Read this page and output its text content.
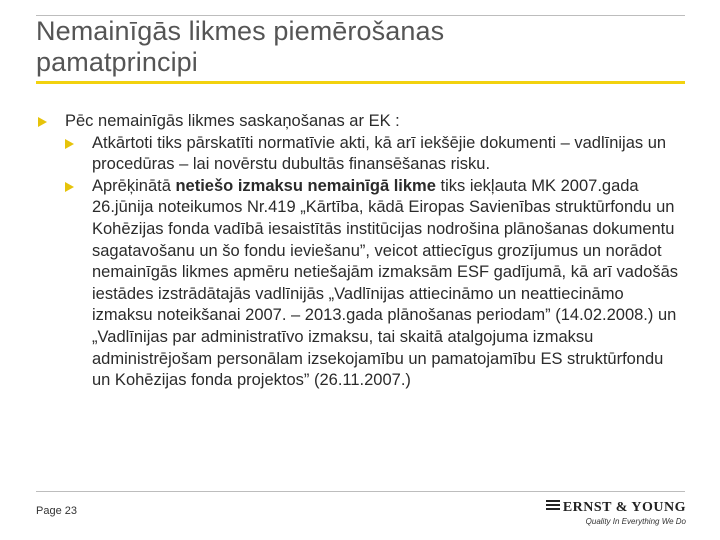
Nemainīgās likmes piemērošanas
pamatprincipi
Pēc nemainīgās likmes saskaņošanas ar EK :
Atkārtoti tiks pārskatīti normatīvie akti, kā arī iekšējie dokumenti – vadlīnijas un procedūras – lai novērstu dubultās finansēšanas risku.
Aprēķinātā netiešo izmaksu nemainīgā likme tiks iekļauta MK 2007.gada 26.jūnija noteikumos Nr.419 „Kārtība, kādā Eiropas Savienības struktūrfondu un Kohēzijas fonda vadībā iesaistītās institūcijas nodrošina plānošanas dokumentu sagatavošanu un šo fondu ieviešanu”, veicot attiecīgus grozījumus un norādot nemainīgās likmes apmēru netiešajām izmaksām ESF gadījumā, kā arī vadošās iestādes izstrādātajās vadlīnijās „Vadlīnijas attiecināmo un neattiecināmo izmaksu noteikšanai 2007. – 2013.gada plānošanas periodam” (14.02.2008.) un „Vadlīnijas par administratīvo izmaksu, tai skaitā atalgojuma izmaksu administrējošam personālam izsekojamību un pamatojamību ES struktūrfondu un Kohēzijas fonda projektos” (26.11.2007.)
Page 23	ERNST & YOUNG
Quality In Everything We Do
